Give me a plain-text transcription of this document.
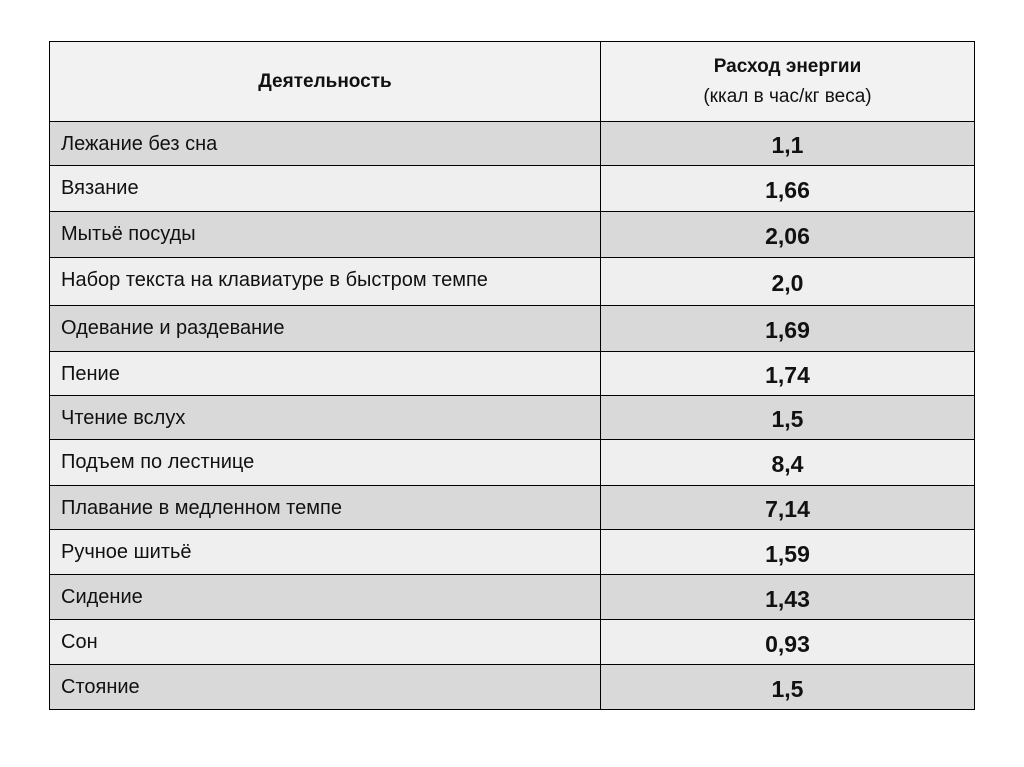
Деятельность	Расход энергии
(ккал в час/кг веса)

Лежание без сна	1,1
Вязание	1,66
Мытьё посуды	2,06
Набор текста на клавиатуре в быстром темпе	2,0
Одевание и раздевание	1,69
Пение	1,74
Чтение вслух	1,5
Подъем по лестнице	8,4
Плавание в медленном темпе	7,14
Ручное шитьё	1,59
Сидение	1,43
Сон	0,93
Стояние	1,5
